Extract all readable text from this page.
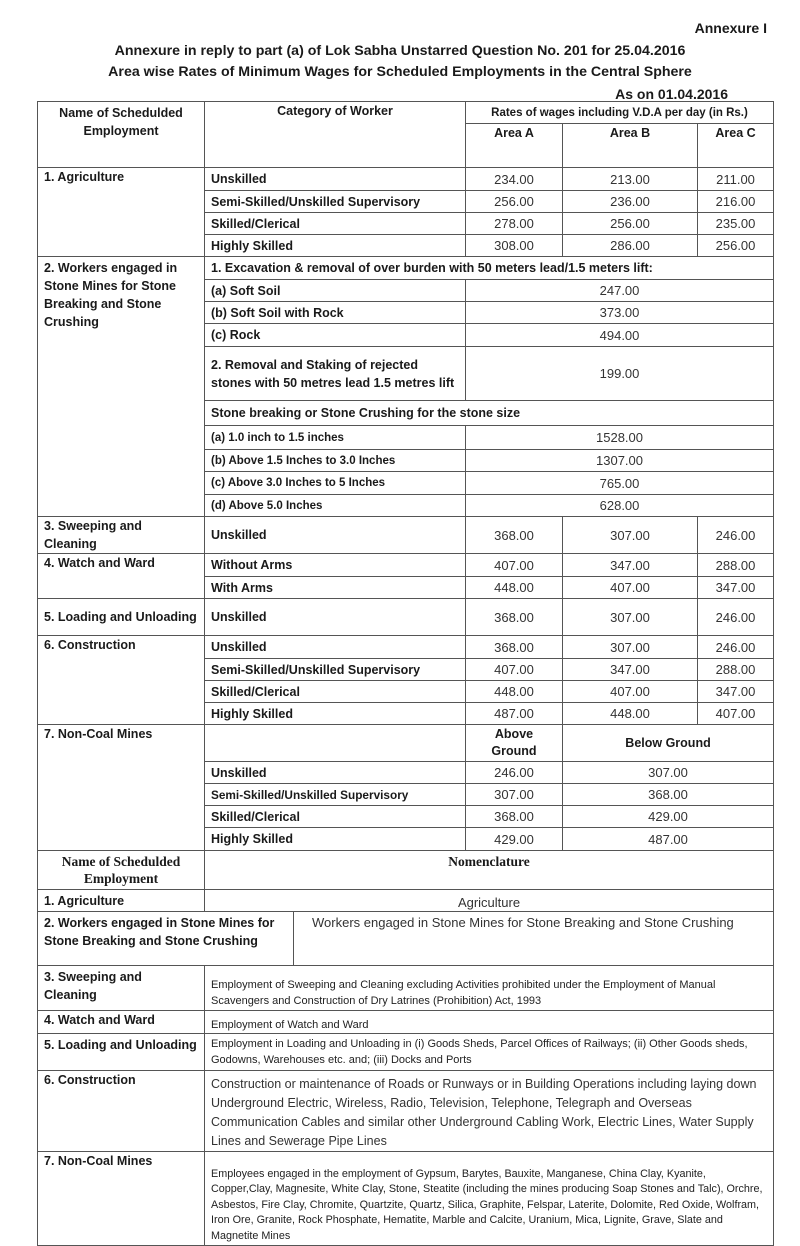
Annexure I
Annexure in reply to part (a) of Lok Sabha Unstarred Question No. 201 for 25.04.2016
Area wise Rates of Minimum Wages for Scheduled Employments in the Central Sphere
As on 01.04.2016
Name of Schedulded Employment	Category of Worker	Rates of wages including V.D.A per day (in Rs.)		
		Area A	Area B	Area C
1. Agriculture	Unskilled	234.00	213.00	211.00
	Semi-Skilled/Unskilled Supervisory	256.00	236.00	216.00
	Skilled/Clerical	278.00	256.00	235.00
	Highly Skilled	308.00	286.00	256.00
2. Workers engaged in Stone Mines for Stone Breaking and Stone Crushing	1. Excavation & removal of over burden with 50 meters lead/1.5 meters lift:			
	(a) Soft Soil	247.00		
	(b) Soft Soil with Rock	373.00		
	(c) Rock	494.00		
	2. Removal and Staking of rejected stones with 50 metres lead 1.5 metres lift	199.00		
	Stone breaking or Stone Crushing for the stone size			
	(a) 1.0 inch to 1.5 inches	1528.00		
	(b) Above 1.5 Inches to 3.0 Inches	1307.00		
	(c) Above 3.0 Inches to 5 Inches	765.00		
	(d) Above 5.0 Inches	628.00		
3. Sweeping and Cleaning	Unskilled	368.00	307.00	246.00
4. Watch and Ward	Without Arms	407.00	347.00	288.00
	With Arms	448.00	407.00	347.00
5. Loading and Unloading	Unskilled	368.00	307.00	246.00
6. Construction	Unskilled	368.00	307.00	246.00
	Semi-Skilled/Unskilled Supervisory	407.00	347.00	288.00
	Skilled/Clerical	448.00	407.00	347.00
	Highly Skilled	487.00	448.00	407.00
7. Non-Coal Mines		Above Ground	Below Ground	
	Unskilled	246.00	307.00	
	Semi-Skilled/Unskilled Supervisory	307.00	368.00	
	Skilled/Clerical	368.00	429.00	
	Highly Skilled	429.00	487.00	
Name of Schedulded Employment	Nomenclature	
1. Agriculture	Agriculture	
2. Workers engaged in Stone Mines for Stone Breaking and Stone Crushing		Workers engaged in Stone Mines for Stone Breaking and Stone Crushing
3. Sweeping and Cleaning	Employment of Sweeping and Cleaning excluding Activities prohibited under the Employment of Manual Scavengers and Construction of Dry Latrines (Prohibition) Act, 1993	
4. Watch and Ward	Employment of Watch and Ward	
5. Loading and Unloading	Employment in Loading and Unloading in (i) Goods Sheds, Parcel Offices of Railways; (ii) Other Goods sheds, Godowns, Warehouses etc. and; (iii) Docks and Ports	
6. Construction	Construction or maintenance of Roads or Runways or in Building Operations including laying down Underground Electric, Wireless, Radio, Television, Telephone, Telegraph and Overseas Communication Cables and similar other Underground Cabling Work, Electric Lines, Water Supply Lines and Sewerage Pipe Lines	
7. Non-Coal Mines	Employees engaged in the employment of Gypsum, Barytes, Bauxite, Manganese, China Clay, Kyanite, Copper,Clay, Magnesite, White Clay, Stone, Steatite (including the mines producing Soap Stones and Talc), Orchre, Asbestos, Fire Clay, Chromite, Quartzite, Quartz, Silica, Graphite, Felspar, Laterite, Dolomite, Red Oxide, Wolfram, Iron Ore, Granite, Rock Phosphate, Hematite, Marble and Calcite, Uranium, Mica, Lignite, Grave, Slate and Magnetite Mines	
